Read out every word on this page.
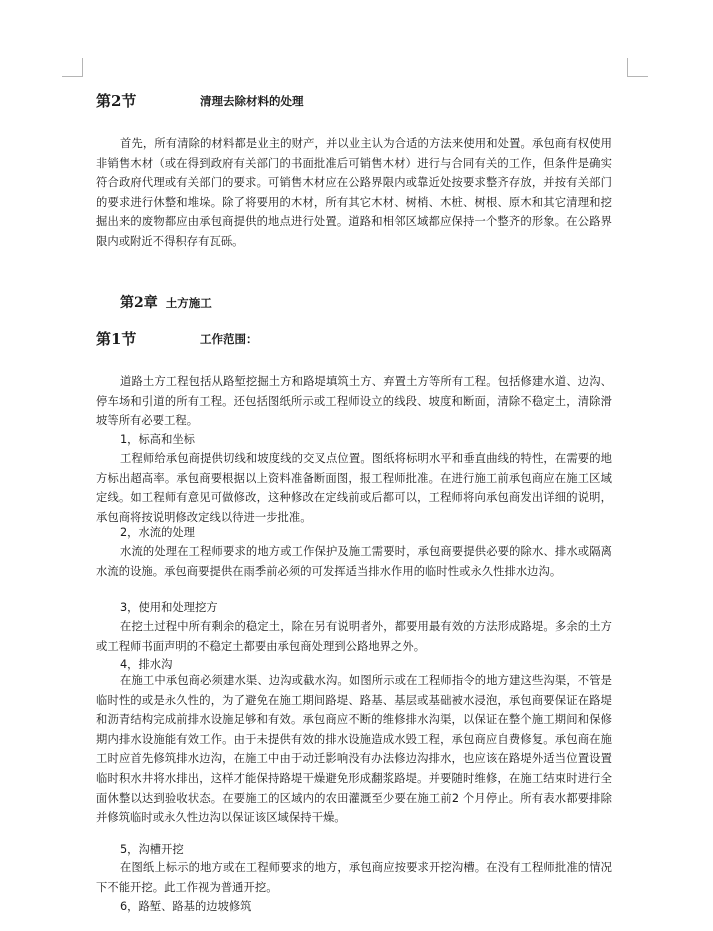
第2节	清理去除材料的处理
首先，所有清除的材料都是业主的财产，并以业主认为合适的方法来使用和处置。承包商有权使用非销售木材（或在得到政府有关部门的书面批准后可销售木材）进行与合同有关的工作，但条件是确实符合政府代理或有关部门的要求。可销售木材应在公路界限内或靠近处按要求整齐存放，并按有关部门的要求进行休整和堆垛。除了将要用的木材，所有其它木材、树梢、木桩、树根、原木和其它清理和挖掘出来的废物都应由承包商提供的地点进行处置。道路和相邻区域都应保持一个整齐的形象。在公路界限内或附近不得积存有瓦砾。
第2章 土方施工
第1节	工作范围：
道路土方工程包括从路堑挖掘土方和路堤填筑土方、弃置土方等所有工程。包括修建水道、边沟、停车场和引道的所有工程。还包括图纸所示或工程师设立的线段、坡度和断面，清除不稳定土，清除滑坡等所有必要工程。
1，标高和坐标
工程师给承包商提供切线和坡度线的交叉点位置。图纸将标明水平和垂直曲线的特性，在需要的地方标出超高率。承包商要根据以上资料准备断面图，报工程师批准。在进行施工前承包商应在施工区域定线。如工程师有意见可做修改，这种修改在定线前或后都可以，工程师将向承包商发出详细的说明，承包商将按说明修改定线以待进一步批准。
2，水流的处理
水流的处理在工程师要求的地方或工作保护及施工需要时，承包商要提供必要的除水、排水或隔离水流的设施。承包商要提供在雨季前必须的可发挥适当排水作用的临时性或永久性排水边沟。
3，使用和处理挖方
在挖土过程中所有剩余的稳定土，除在另有说明者外，都要用最有效的方法形成路堤。多余的土方或工程师书面声明的不稳定土都要由承包商处理到公路地界之外。
4，排水沟
在施工中承包商必须建水渠、边沟或截水沟。如图所示或在工程师指令的地方建这些沟渠，不管是临时性的或是永久性的，为了避免在施工期间路堤、路基、基层或基础被水浸泡，承包商要保证在路堤和沥青结构完成前排水设施足够和有效。承包商应不断的维修排水沟渠，以保证在整个施工期间和保修期内排水设施能有效工作。由于未提供有效的排水设施造成水毁工程，承包商应自费修复。承包商在施工时应首先修筑排水边沟，在施工中由于动迁影响没有办法修边沟排水，也应该在路堤外适当位置设置临时积水井将水排出，这样才能保持路堤干燥避免形成翻浆路堤。并要随时维修，在施工结束时进行全面休整以达到验收状态。在要施工的区域内的农田灌溉至少要在施工前2 个月停止。所有表水都要排除并修筑临时或永久性边沟以保证该区域保持干燥。
5，沟槽开挖
在图纸上标示的地方或在工程师要求的地方，承包商应按要求开挖沟槽。在没有工程师批准的情况下不能开挖。此工作视为普通开挖。
6，路堑、路基的边坡修筑
